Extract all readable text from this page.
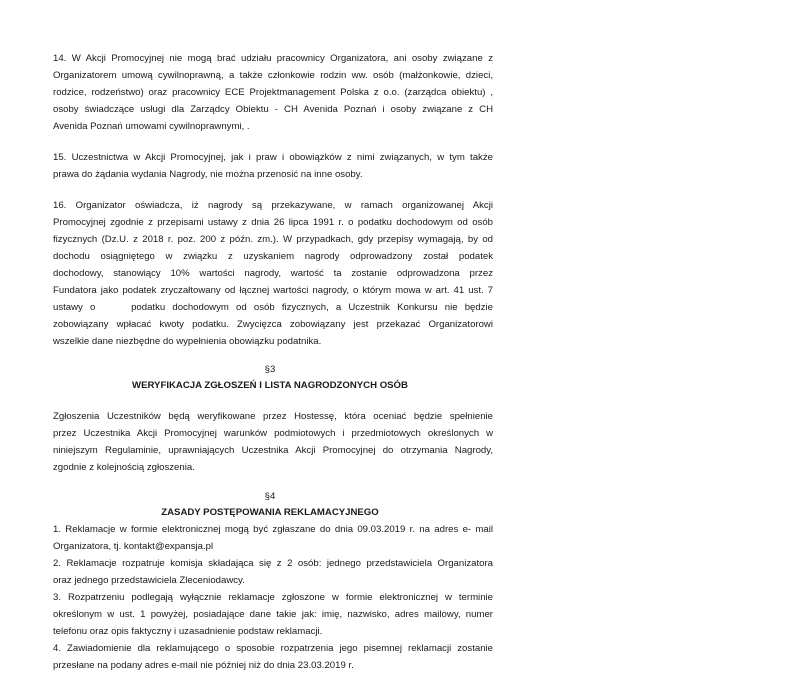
14. W Akcji Promocyjnej nie mogą brać udziału pracownicy Organizatora, ani osoby związane z
Organizatorem umową cywilnoprawną, a także członkowie rodzin ww. osób (małżonkowie, dzieci,
rodzice, rodzeństwo) oraz pracownicy ECE Projektmanagement Polska z o.o. (zarządca obiektu) ,
osoby świadczące usługi dla Zarządcy Obiektu - CH Avenida Poznań i osoby związane z CH
Avenida Poznań umowami cywilnoprawnymi, .
15. Uczestnictwa w Akcji Promocyjnej, jak i praw i obowiązków z nimi związanych, w tym także
prawa do żądania wydania Nagrody, nie można przenosić na inne osoby.
16. Organizator oświadcza, iż nagrody są przekazywane, w ramach organizowanej Akcji
Promocyjnej zgodnie z przepisami ustawy z dnia 26 lipca 1991 r. o podatku dochodowym od osób
fizycznych (Dz.U. z 2018 r. poz. 200 z późn. zm.). W przypadkach, gdy przepisy wymagają, by od
dochodu osiągniętego w związku z uzyskaniem nagrody odprowadzony został podatek
dochodowy, stanowiący 10% wartości nagrody, wartość ta zostanie odprowadzona przez
Fundatora jako podatek zryczałtowany od łącznej wartości nagrody, o którym mowa w art. 41 ust. 7
ustawy o     podatku dochodowym od osób fizycznych, a Uczestnik Konkursu nie będzie
zobowiązany wpłacać kwoty podatku. Zwycięzca zobowiązany jest przekazać Organizatorowi
wszelkie dane niezbędne do wypełnienia obowiązku podatnika.
§3
WERYFIKACJA ZGŁOSZEŃ I LISTA NAGRODZONYCH OSÓB
Zgłoszenia Uczestników będą weryfikowane przez Hostessę, która oceniać będzie spełnienie
przez Uczestnika Akcji Promocyjnej warunków podmiotowych i przedmiotowych określonych w
niniejszym Regulaminie, uprawniających Uczestnika Akcji Promocyjnej do otrzymania Nagrody,
zgodnie z kolejnością zgłoszenia.
§4
ZASADY POSTĘPOWANIA REKLAMACYJNEGO
1. Reklamacje w formie elektronicznej mogą być zgłaszane do dnia 09.03.2019 r. na adres e- mail
Organizatora, tj. kontakt@expansja.pl
2. Reklamacje rozpatruje komisja składająca się z 2 osób: jednego przedstawiciela Organizatora
oraz jednego przedstawiciela Zleceniodawcy.
3. Rozpatrzeniu podlegają wyłącznie reklamacje zgłoszone w formie elektronicznej w terminie
określonym w ust. 1 powyżej, posiadające dane takie jak: imię, nazwisko, adres mailowy, numer
telefonu oraz opis faktyczny i uzasadnienie podstaw reklamacji.
4. Zawiadomienie dla reklamującego o sposobie rozpatrzenia jego pisemnej reklamacji zostanie
przesłane na podany adres e-mail nie później niż do dnia 23.03.2019 r.
